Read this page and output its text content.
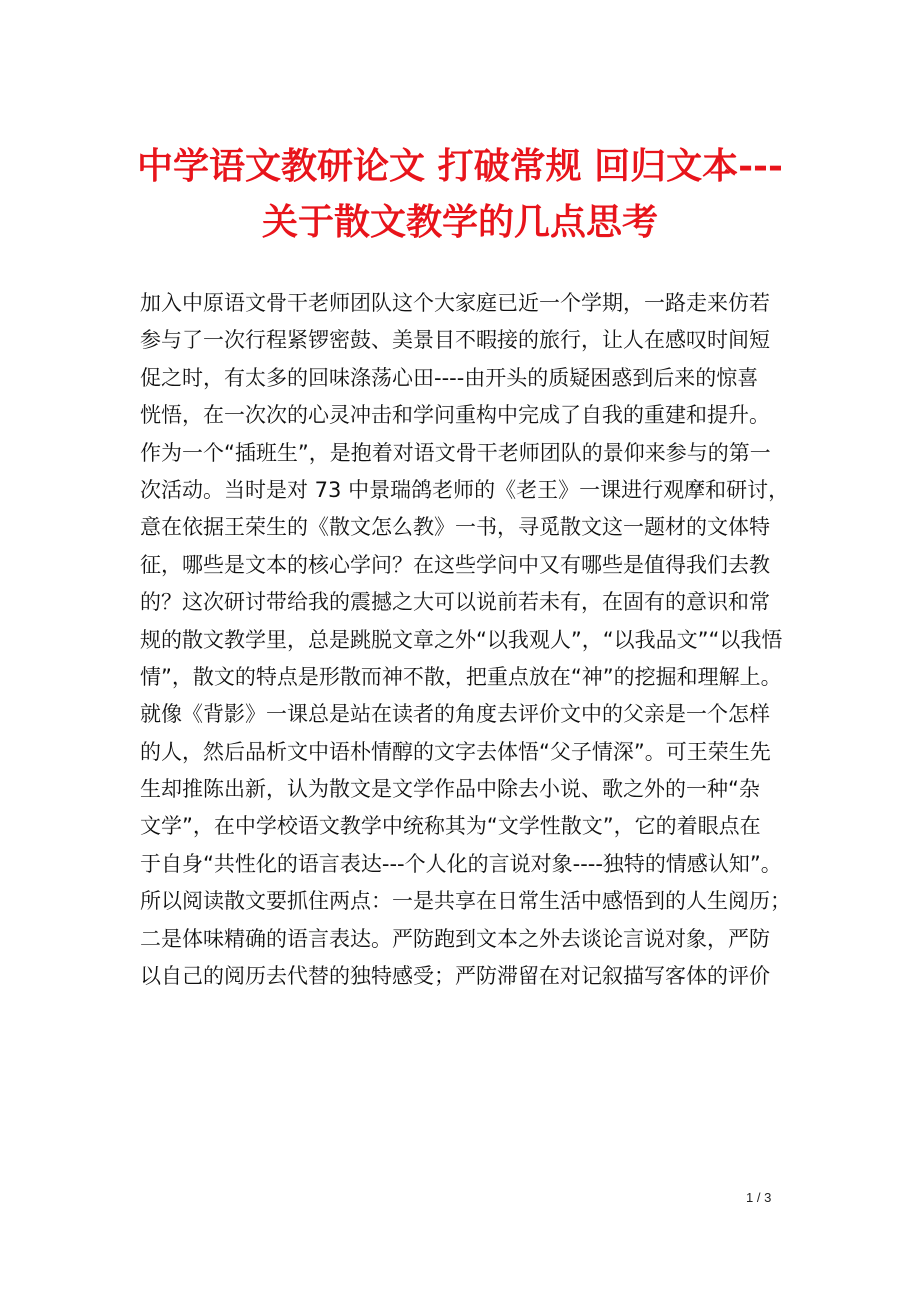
中学语文教研论文 打破常规 回归文本---
关于散文教学的几点思考
加入中原语文骨干老师团队这个大家庭已近一个学期，一路走来仿若
参与了一次行程紧锣密鼓、美景目不暇接的旅行，让人在感叹时间短
促之时，有太多的回味涤荡心田----由开头的质疑困惑到后来的惊喜
恍悟，在一次次的心灵冲击和学问重构中完成了自我的重建和提升。
作为一个“插班生”，是抱着对语文骨干老师团队的景仰来参与的第一
次活动。当时是对 73 中景瑞鸽老师的《老王》一课进行观摩和研讨，
意在依据王荣生的《散文怎么教》一书，寻觅散文这一题材的文体特
征，哪些是文本的核心学问？在这些学问中又有哪些是值得我们去教
的？这次研讨带给我的震撼之大可以说前若未有，在固有的意识和常
规的散文教学里，总是跳脱文章之外“以我观人”，“以我品文”“以我悟
情”，散文的特点是形散而神不散，把重点放在“神”的挖掘和理解上。
就像《背影》一课总是站在读者的角度去评价文中的父亲是一个怎样
的人，然后品析文中语朴情醇的文字去体悟“父子情深”。可王荣生先
生却推陈出新，认为散文是文学作品中除去小说、歌之外的一种“杂
文学”，在中学校语文教学中统称其为“文学性散文”，它的着眼点在
于自身“共性化的语言表达---个人化的言说对象----独特的情感认知”。
所以阅读散文要抓住两点：一是共享在日常生活中感悟到的人生阅历；
二是体味精确的语言表达。严防跑到文本之外去谈论言说对象，严防
以自己的阅历去代替的独特感受；严防滞留在对记叙描写客体的评价
1 / 3
